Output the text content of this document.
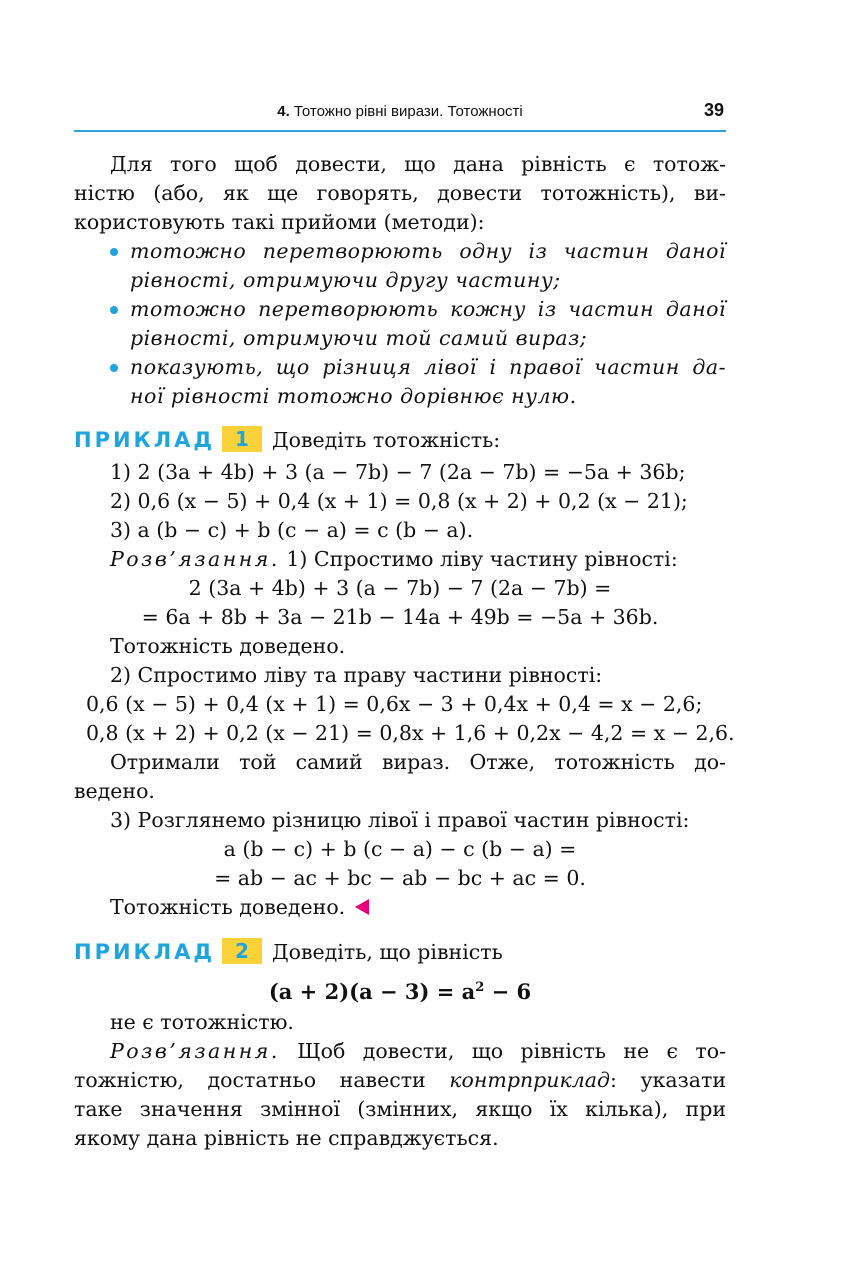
4. Тотожно рівні вирази. Тотожності	39

Для того щоб довести, що дана рівність є тотож-

ністю (або, як ще говорять, довести тотожність), ви-

користовують такі прийоми (методи):

тотожно перетворюють одну із частин даної

рівності, отримуючи другу частину;

тотожно перетворюють кожну із частин даної

рівності, отримуючи той самий вираз;

показують, що різниця лівої і правої частин да-

ної рівності тотожно дорівнює нулю.

ПРИКЛАД 1	Доведіть тотожність:

1) 2 (3a + 4b) + 3 (a − 7b) − 7 (2a − 7b) = −5a + 36b;

2) 0,6 (x − 5) + 0,4 (x + 1) = 0,8 (x + 2) + 0,2 (x − 21);

3) a (b − c) + b (c − a) = c (b − a).

Розв’язання. 1) Спростимо ліву частину рівності:

2 (3a + 4b) + 3 (a − 7b) − 7 (2a − 7b) =

= 6a + 8b + 3a − 21b − 14a + 49b = −5a + 36b.

Тотожність доведено.

2) Спростимо ліву та праву частини рівності:

0,6 (x − 5) + 0,4 (x + 1) = 0,6x − 3 + 0,4x + 0,4 = x − 2,6;

0,8 (x + 2) + 0,2 (x − 21) = 0,8x + 1,6 + 0,2x − 4,2 = x − 2,6.

Отримали той самий вираз. Отже, тотожність до-

ведено.

3) Розглянемо різницю лівої і правої частин рівності:

a (b − c) + b (c − a) − c (b − a) =

= ab − ac + bc − ab − bc + ac = 0.

Тотожність доведено.

ПРИКЛАД 2	Доведіть, що рівність
$(a + 2)(a - 3) = a^2 - 6$

не є тотожністю.

Розв’язання. Щоб довести, що рівність не є то-

тожністю, достатньо навести контрприклад: указати

таке значення змінної (змінних, якщо їх кілька), при

якому дана рівність не справджується.
